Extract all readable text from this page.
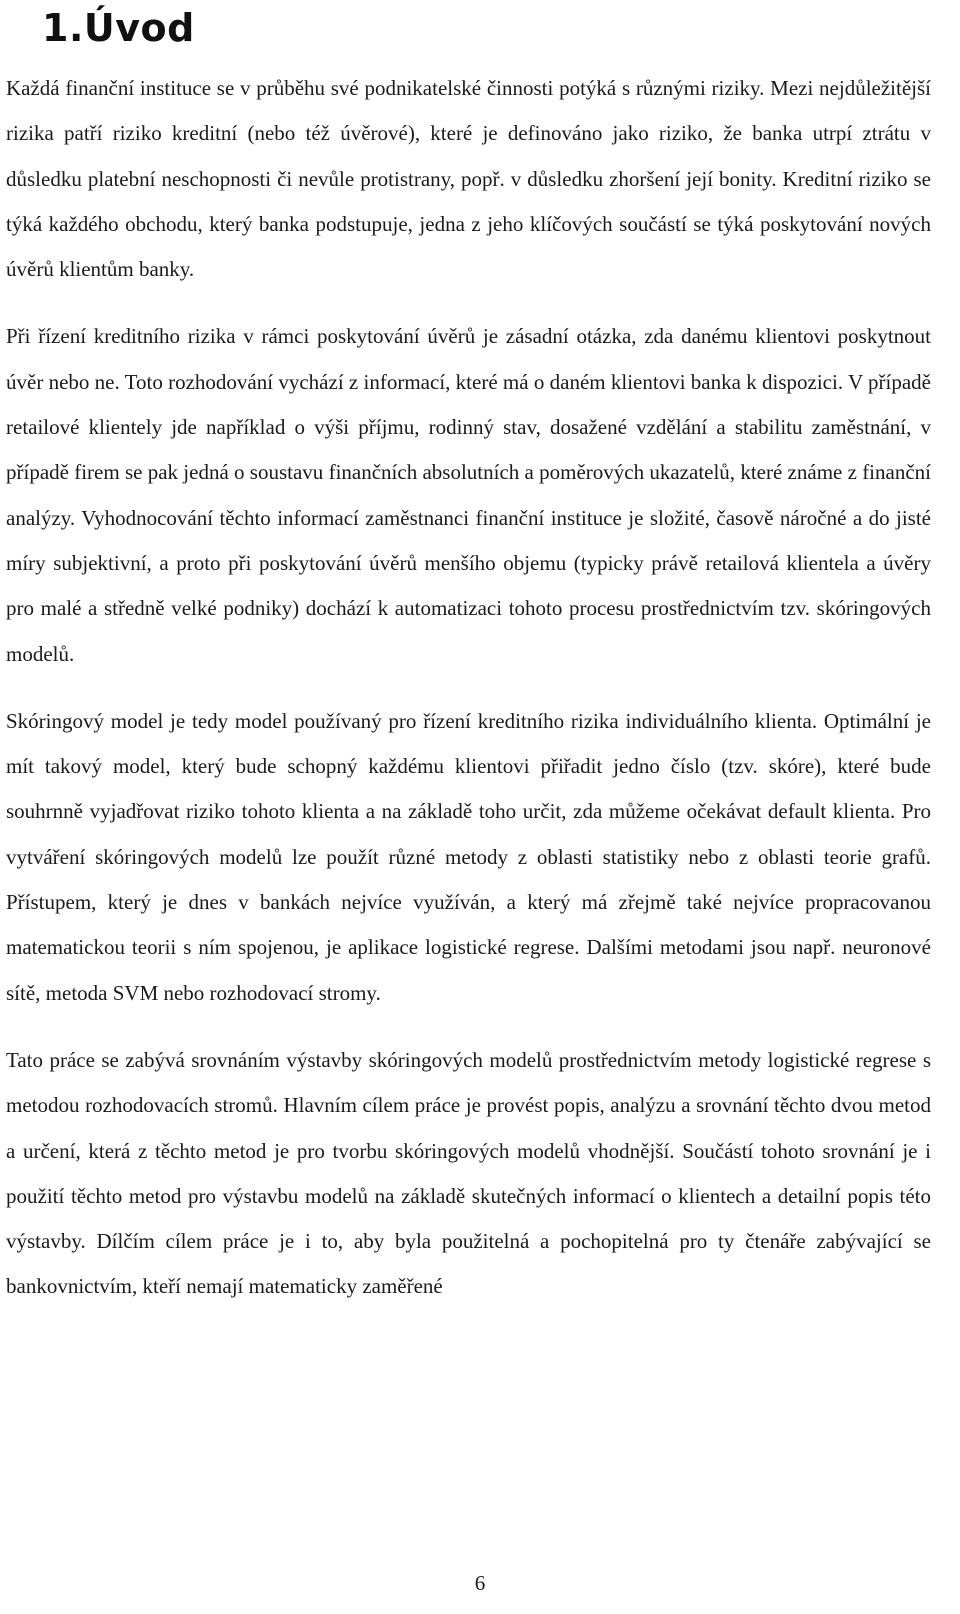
1.Úvod

Každá finanční instituce se v průběhu své podnikatelské činnosti potýká s různými riziky. Mezi nejdůležitější rizika patří riziko kreditní (nebo též úvěrové), které je definováno jako riziko, že banka utrpí ztrátu v důsledku platební neschopnosti či nevůle protistrany, popř. v důsledku zhoršení její bonity. Kreditní riziko se týká každého obchodu, který banka podstupuje, jedna z jeho klíčových součástí se týká poskytování nových úvěrů klientům banky.

Při řízení kreditního rizika v rámci poskytování úvěrů je zásadní otázka, zda danému klientovi poskytnout úvěr nebo ne. Toto rozhodování vychází z informací, které má o daném klientovi banka k dispozici. V případě retailové klientely jde například o výši příjmu, rodinný stav, dosažené vzdělání a stabilitu zaměstnání, v případě firem se pak jedná o soustavu finančních absolutních a poměrových ukazatelů, které známe z finanční analýzy. Vyhodnocování těchto informací zaměstnanci finanční instituce je složité, časově náročné a do jisté míry subjektivní, a proto při poskytování úvěrů menšího objemu (typicky právě retailová klientela a úvěry pro malé a středně velké podniky) dochází k automatizaci tohoto procesu prostřednictvím tzv. skóringových modelů.

Skóringový model je tedy model používaný pro řízení kreditního rizika individuálního klienta. Optimální je mít takový model, který bude schopný každému klientovi přiřadit jedno číslo (tzv. skóre), které bude souhrnně vyjadřovat riziko tohoto klienta a na základě toho určit, zda můžeme očekávat default klienta. Pro vytváření skóringových modelů lze použít různé metody z oblasti statistiky nebo z oblasti teorie grafů. Přístupem, který je dnes v bankách nejvíce využíván, a který má zřejmě také nejvíce propracovanou matematickou teorii s ním spojenou, je aplikace logistické regrese. Dalšími metodami jsou např. neuronové sítě, metoda SVM nebo rozhodovací stromy.

Tato práce se zabývá srovnáním výstavby skóringových modelů prostřednictvím metody logistické regrese s metodou rozhodovacích stromů. Hlavním cílem práce je provést popis, analýzu a srovnání těchto dvou metod a určení, která z těchto metod je pro tvorbu skóringových modelů vhodnější. Součástí tohoto srovnání je i použití těchto metod pro výstavbu modelů na základě skutečných informací o klientech a detailní popis této výstavby. Dílčím cílem práce je i to, aby byla použitelná a pochopitelná pro ty čtenáře zabývající se bankovnictvím, kteří nemají matematicky zaměřené

6
